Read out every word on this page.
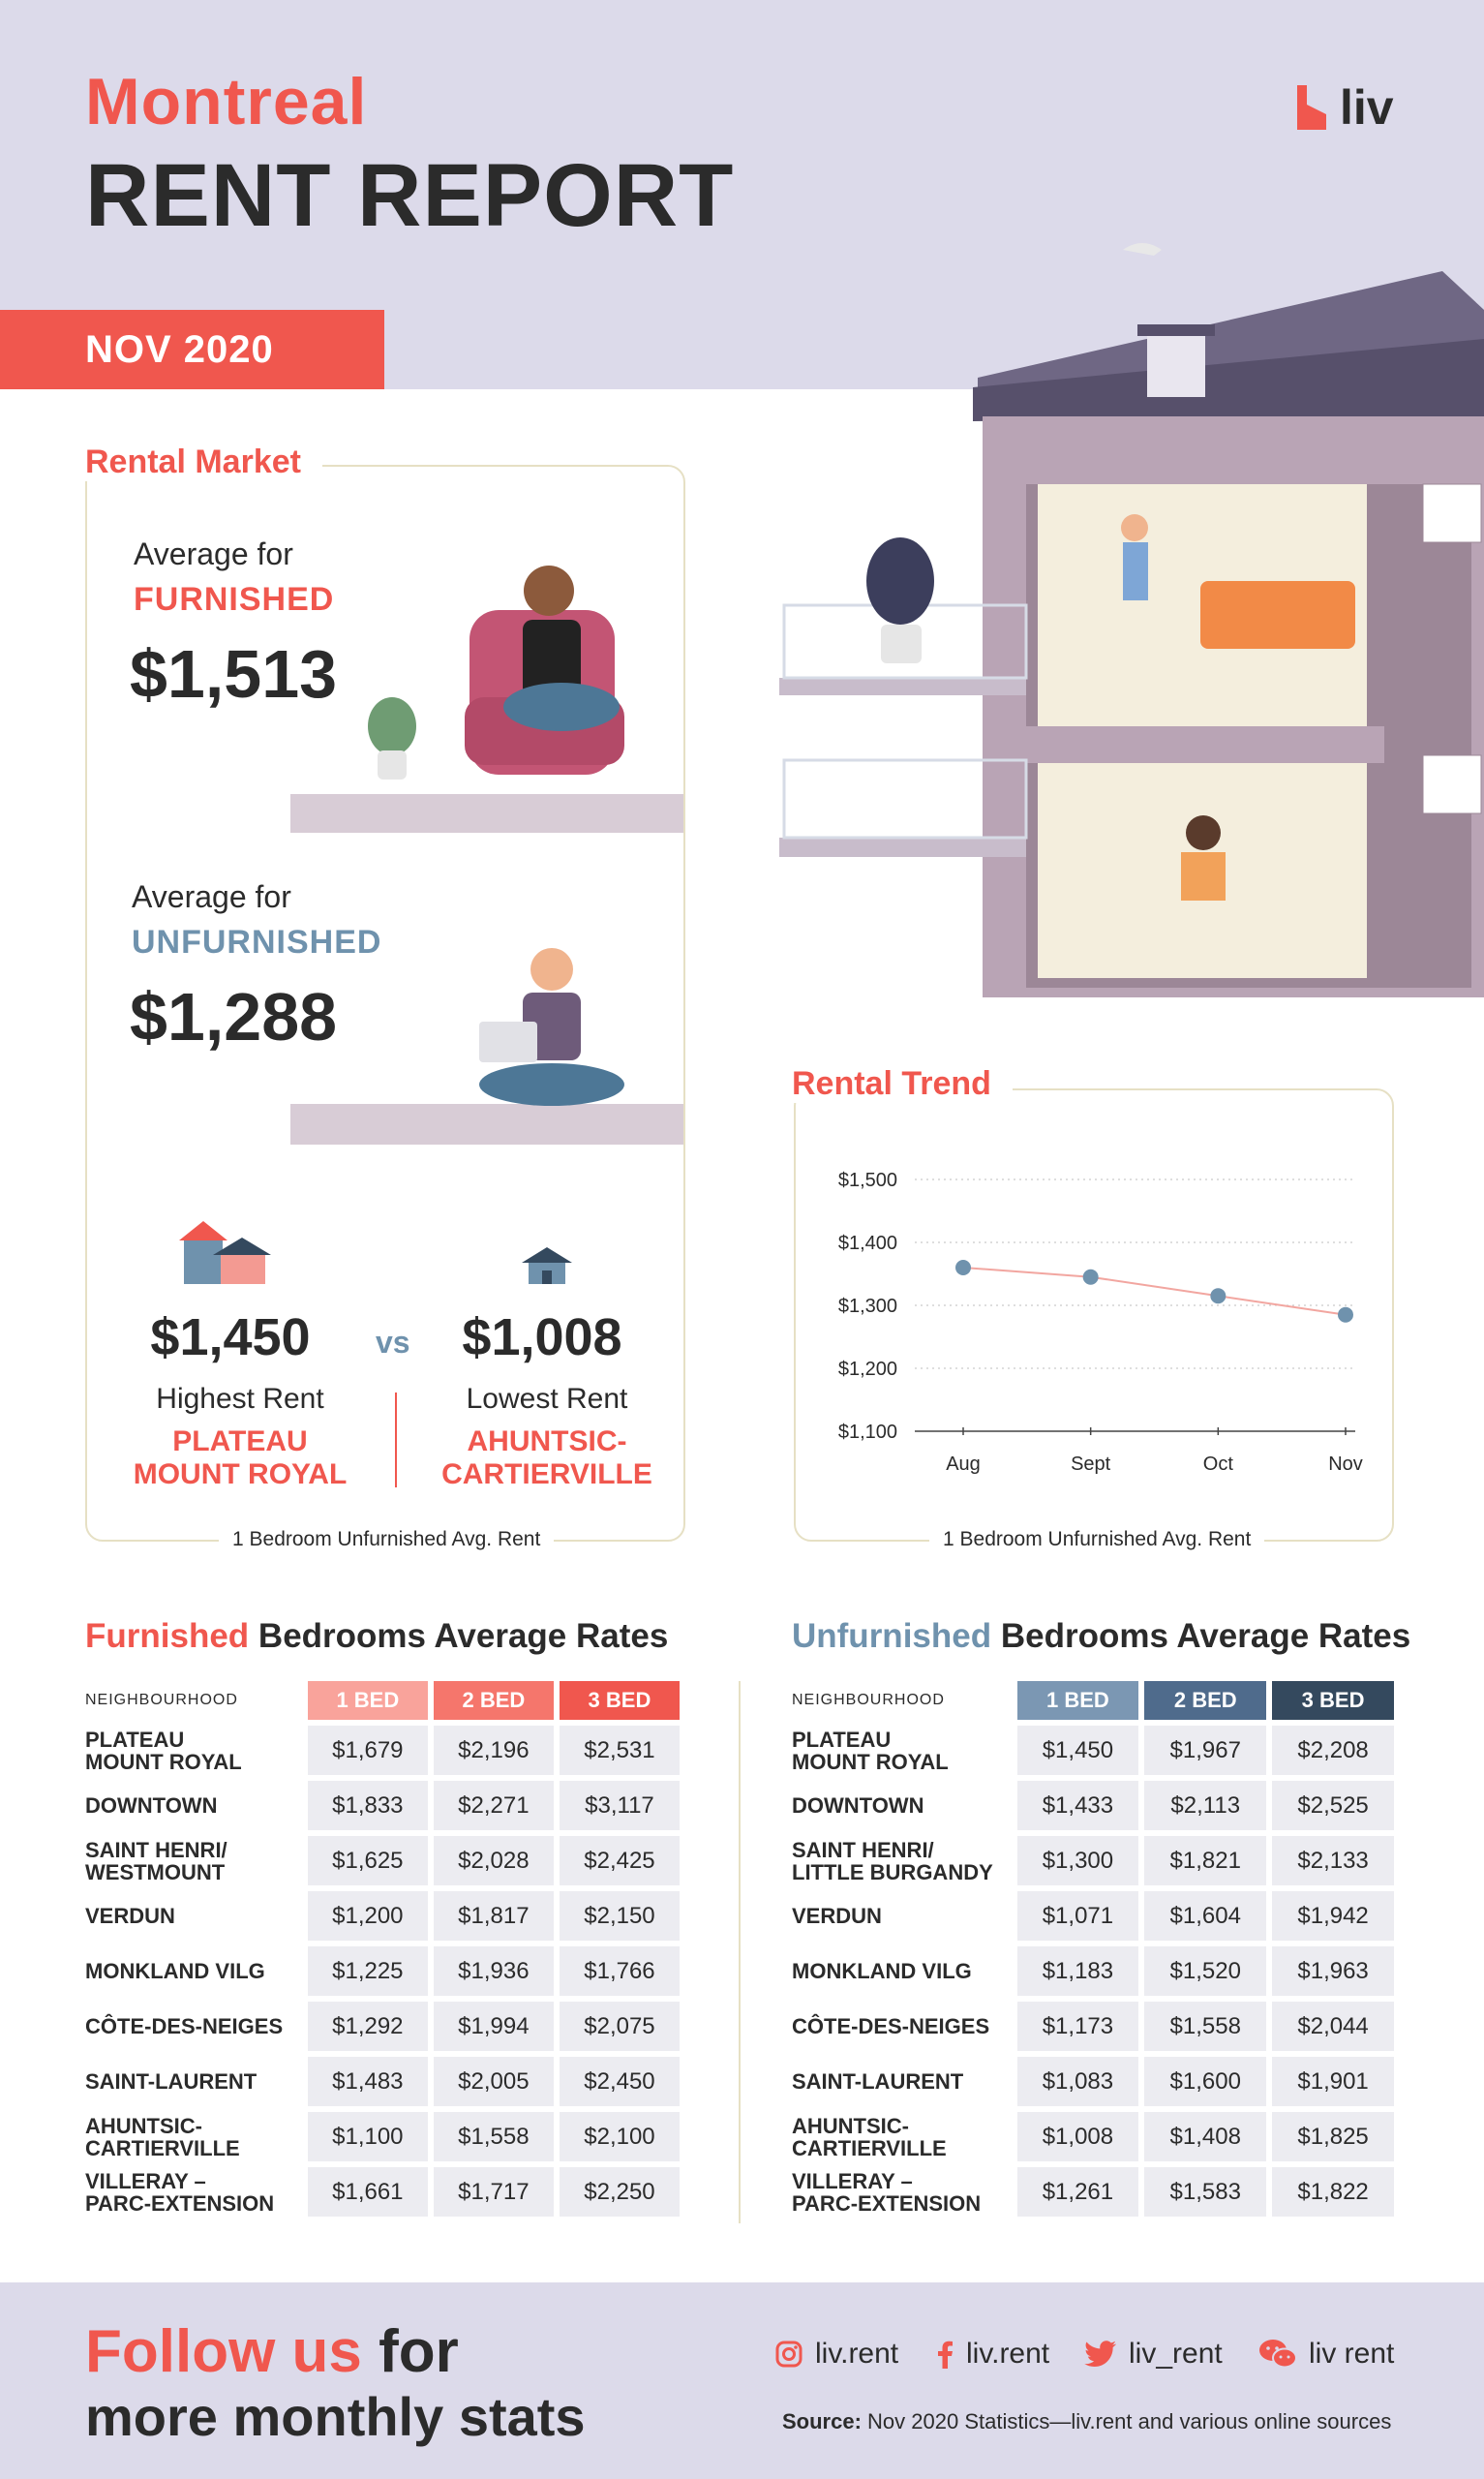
Montreal
RENT REPORT
liv
NOV 2020
Rental Market
Average for
FURNISHED
$1,513
Average for
UNFURNISHED
$1,288
$1,450	vs $1,008
Highest Rent	Lowest Rent
PLATEAU
MOUNT ROYAL
AHUNTSIC-
CARTIERVILLE
1 Bedroom Unfurnished Avg. Rent
Rental Trend
$1,100
$1,200
$1,300
$1,400
$1,500
Aug	Sept	Oct	Nov
1 Bedroom Unfurnished Avg. Rent
Furnished Bedrooms Average Rates
NEIGHBOURHOOD	1 BED	2 BED	3 BED
PLATEAU
MOUNT ROYAL	$1,679	$2,196	$2,531
DOWNTOWN	$1,833	$2,271	$3,117
SAINT HENRI/
WESTMOUNT	$1,625	$2,028	$2,425
VERDUN	$1,200	$1,817	$2,150
MONKLAND VILG	$1,225	$1,936	$1,766
CÔTE-DES-NEIGES	$1,292	$1,994	$2,075
SAINT-LAURENT	$1,483	$2,005	$2,450
AHUNTSIC-
CARTIERVILLE	$1,100	$1,558	$2,100
VILLERAY –
PARC-EXTENSION	$1,661	$1,717	$2,250
Unfurnished Bedrooms Average Rates
NEIGHBOURHOOD	1 BED	2 BED	3 BED
PLATEAU
MOUNT ROYAL	$1,450	$1,967	$2,208
DOWNTOWN	$1,433	$2,113	$2,525
SAINT HENRI/
LITTLE BURGANDY	$1,300	$1,821	$2,133
VERDUN	$1,071	$1,604	$1,942
MONKLAND VILG	$1,183	$1,520	$1,963
CÔTE-DES-NEIGES	$1,173	$1,558	$2,044
SAINT-LAURENT	$1,083	$1,600	$1,901
AHUNTSIC-
CARTIERVILLE	$1,008	$1,408	$1,825
VILLERAY –
PARC-EXTENSION	$1,261	$1,583	$1,822
Follow us for
more monthly stats
liv.rent liv.rent	liv_rent	liv rent
Source: Nov 2020 Statistics—liv.rent and various online sources
